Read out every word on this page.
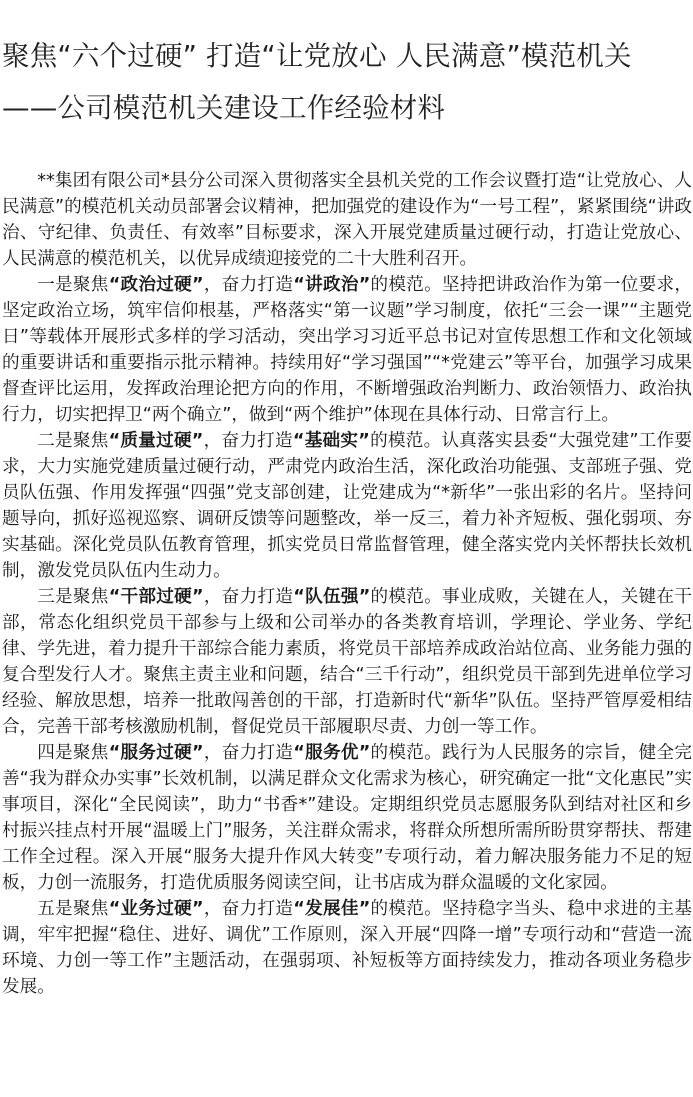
聚焦“六个过硬” 打造“让党放心 人民满意”模范机关
——公司模范机关建设工作经验材料

**集团有限公司*县分公司深入贯彻落实全县机关党的工作会议暨打造“让党放心、人民满意”的模范机关动员部署会议精神，把加强党的建设作为“一号工程”，紧紧围绕“讲政治、守纪律、负责任、有效率”目标要求，深入开展党建质量过硬行动，打造让党放心、人民满意的模范机关，以优异成绩迎接党的二十大胜利召开。

一是聚焦“政治过硬”，奋力打造“讲政治”的模范。坚持把讲政治作为第一位要求，坚定政治立场，筑牢信仰根基，严格落实“第一议题”学习制度，依托“三会一课”“主题党日”等载体开展形式多样的学习活动，突出学习习近平总书记对宣传思想工作和文化领域的重要讲话和重要指示批示精神。持续用好“学习强国”“*党建云”等平台，加强学习成果督查评比运用，发挥政治理论把方向的作用，不断增强政治判断力、政治领悟力、政治执行力，切实把捍卫“两个确立”，做到“两个维护”体现在具体行动、日常言行上。

二是聚焦“质量过硬”，奋力打造“基础实”的模范。认真落实县委“大强党建”工作要求，大力实施党建质量过硬行动，严肃党内政治生活，深化政治功能强、支部班子强、党员队伍强、作用发挥强“四强”党支部创建，让党建成为“*新华”一张出彩的名片。坚持问题导向，抓好巡视巡察、调研反馈等问题整改，举一反三，着力补齐短板、强化弱项、夯实基础。深化党员队伍教育管理，抓实党员日常监督管理，健全落实党内关怀帮扶长效机制，激发党员队伍内生动力。

三是聚焦“干部过硬”，奋力打造“队伍强”的模范。事业成败，关键在人，关键在干部，常态化组织党员干部参与上级和公司举办的各类教育培训，学理论、学业务、学纪律、学先进，着力提升干部综合能力素质，将党员干部培养成政治站位高、业务能力强的复合型发行人才。聚焦主责主业和问题，结合“三千行动”，组织党员干部到先进单位学习经验、解放思想，培养一批敢闯善创的干部，打造新时代“新华”队伍。坚持严管厚爱相结合，完善干部考核激励机制，督促党员干部履职尽责、力创一等工作。

四是聚焦“服务过硬”，奋力打造“服务优”的模范。践行为人民服务的宗旨，健全完善“我为群众办实事”长效机制，以满足群众文化需求为核心，研究确定一批“文化惠民”实事项目，深化“全民阅读”，助力“书香*”建设。定期组织党员志愿服务队到结对社区和乡村振兴挂点村开展“温暖上门”服务，关注群众需求，将群众所想所需所盼贯穿帮扶、帮建工作全过程。深入开展“服务大提升作风大转变”专项行动，着力解决服务能力不足的短板，力创一流服务，打造优质服务阅读空间，让书店成为群众温暖的文化家园。

五是聚焦“业务过硬”，奋力打造“发展佳”的模范。坚持稳字当头、稳中求进的主基调，牢牢把握“稳住、进好、调优”工作原则，深入开展“四降一增”专项行动和“营造一流环境、力创一等工作”主题活动，在强弱项、补短板等方面持续发力，推动各项业务稳步发展。
